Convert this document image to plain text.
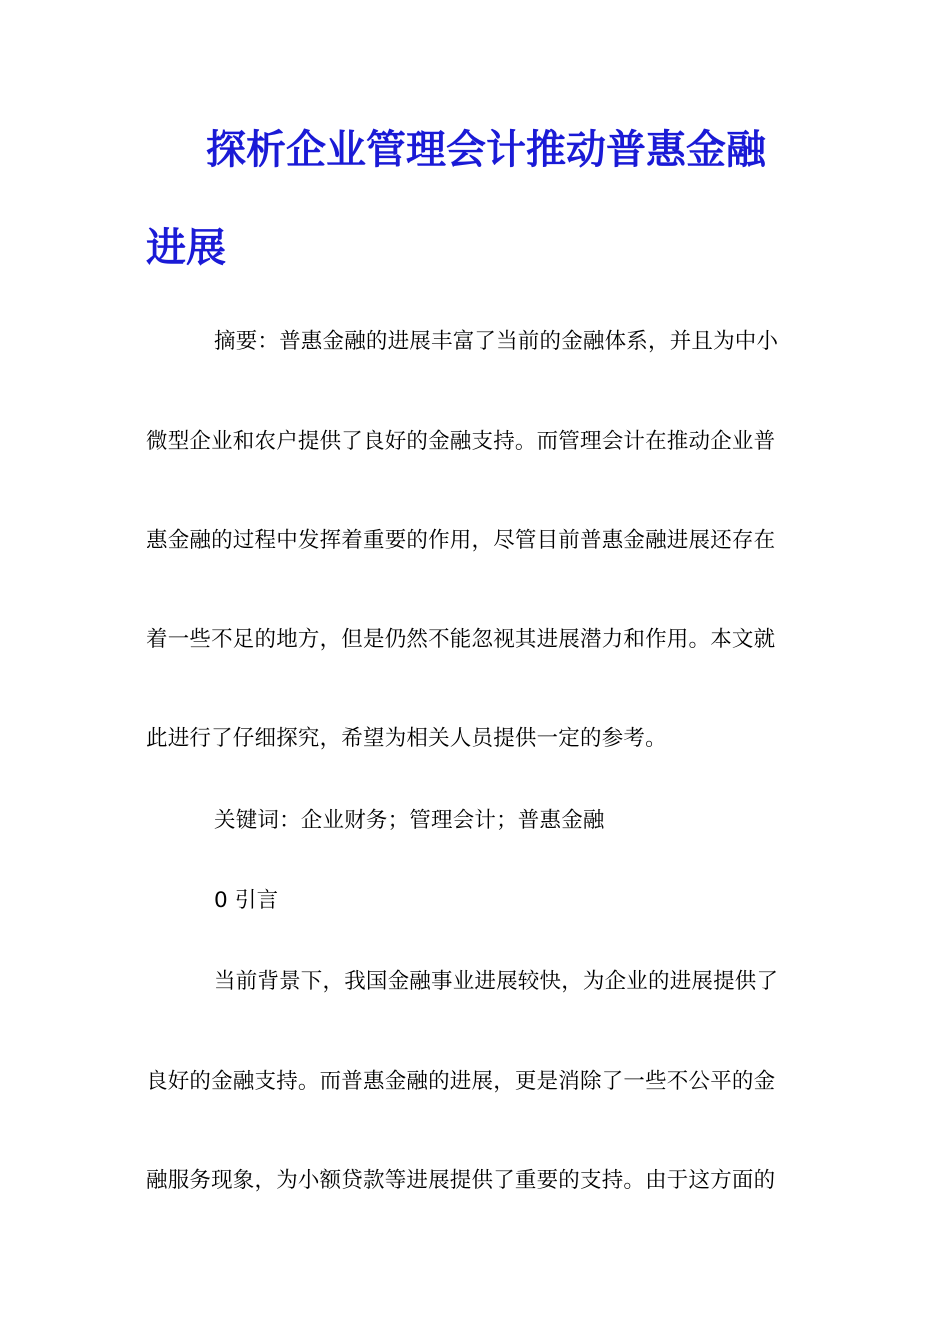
探析企业管理会计推动普惠金融
进展
摘要：普惠金融的进展丰富了当前的金融体系，并且为中小
微型企业和农户提供了良好的金融支持。而管理会计在推动企业普
惠金融的过程中发挥着重要的作用，尽管目前普惠金融进展还存在
着一些不足的地方，但是仍然不能忽视其进展潜力和作用。本文就
此进行了仔细探究，希望为相关人员提供一定的参考。
关键词：企业财务；管理会计；普惠金融
0 引言
当前背景下，我国金融事业进展较快，为企业的进展提供了
良好的金融支持。而普惠金融的进展，更是消除了一些不公平的金
融服务现象，为小额贷款等进展提供了重要的支持。由于这方面的
